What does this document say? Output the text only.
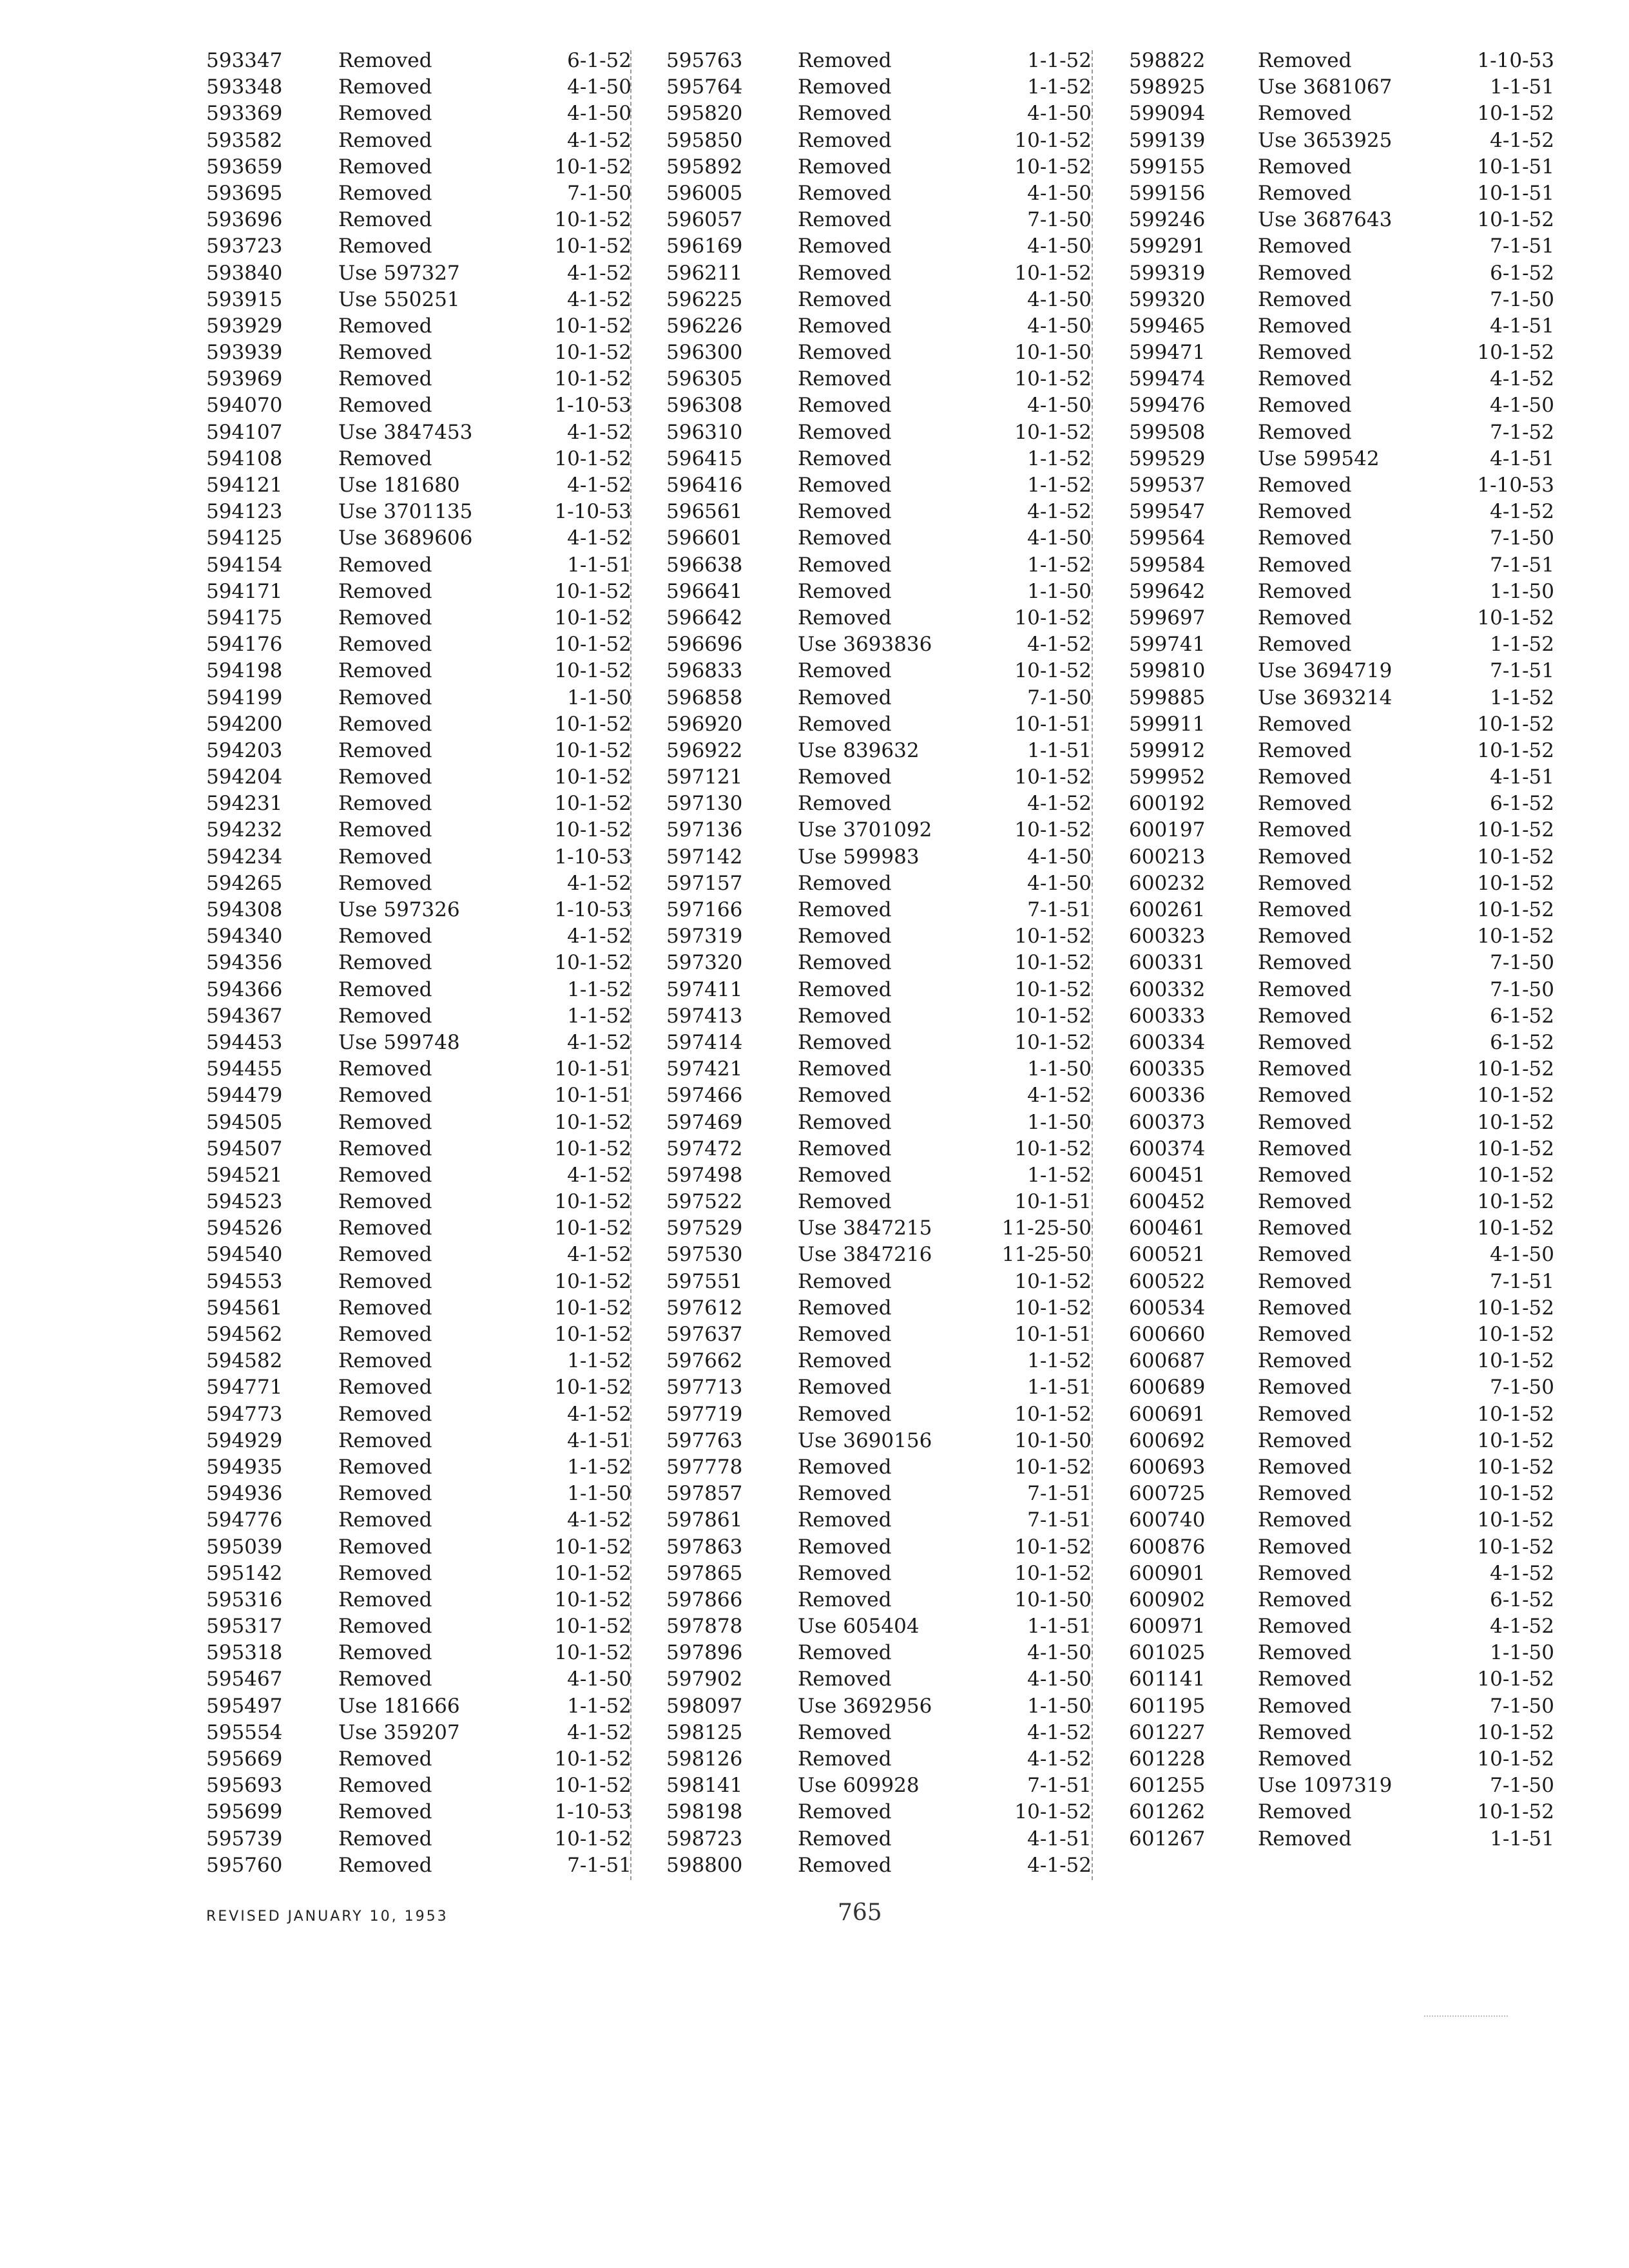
593347	Removed	6-1-52
593348	Removed	4-1-50
593369	Removed	4-1-50
593582	Removed	4-1-52
593659	Removed	10-1-52
593695	Removed	7-1-50
593696	Removed	10-1-52
593723	Removed	10-1-52
593840	Use 597327	4-1-52
593915	Use 550251	4-1-52
593929	Removed	10-1-52
593939	Removed	10-1-52
593969	Removed	10-1-52
594070	Removed	1-10-53
594107	Use 3847453	4-1-52
594108	Removed	10-1-52
594121	Use 181680	4-1-52
594123	Use 3701135	1-10-53
594125	Use 3689606	4-1-52
594154	Removed	1-1-51
594171	Removed	10-1-52
594175	Removed	10-1-52
594176	Removed	10-1-52
594198	Removed	10-1-52
594199	Removed	1-1-50
594200	Removed	10-1-52
594203	Removed	10-1-52
594204	Removed	10-1-52
594231	Removed	10-1-52
594232	Removed	10-1-52
594234	Removed	1-10-53
594265	Removed	4-1-52
594308	Use 597326	1-10-53
594340	Removed	4-1-52
594356	Removed	10-1-52
594366	Removed	1-1-52
594367	Removed	1-1-52
594453	Use 599748	4-1-52
594455	Removed	10-1-51
594479	Removed	10-1-51
594505	Removed	10-1-52
594507	Removed	10-1-52
594521	Removed	4-1-52
594523	Removed	10-1-52
594526	Removed	10-1-52
594540	Removed	4-1-52
594553	Removed	10-1-52
594561	Removed	10-1-52
594562	Removed	10-1-52
594582	Removed	1-1-52
594771	Removed	10-1-52
594773	Removed	4-1-52
594929	Removed	4-1-51
594935	Removed	1-1-52
594936	Removed	1-1-50
594776	Removed	4-1-52
595039	Removed	10-1-52
595142	Removed	10-1-52
595316	Removed	10-1-52
595317	Removed	10-1-52
595318	Removed	10-1-52
595467	Removed	4-1-50
595497	Use 181666	1-1-52
595554	Use 359207	4-1-52
595669	Removed	10-1-52
595693	Removed	10-1-52
595699	Removed	1-10-53
595739	Removed	10-1-52
595760	Removed	7-1-51
595763	Removed	1-1-52
595764	Removed	1-1-52
595820	Removed	4-1-50
595850	Removed	10-1-52
595892	Removed	10-1-52
596005	Removed	4-1-50
596057	Removed	7-1-50
596169	Removed	4-1-50
596211	Removed	10-1-52
596225	Removed	4-1-50
596226	Removed	4-1-50
596300	Removed	10-1-50
596305	Removed	10-1-52
596308	Removed	4-1-50
596310	Removed	10-1-52
596415	Removed	1-1-52
596416	Removed	1-1-52
596561	Removed	4-1-52
596601	Removed	4-1-50
596638	Removed	1-1-52
596641	Removed	1-1-50
596642	Removed	10-1-52
596696	Use 3693836	4-1-52
596833	Removed	10-1-52
596858	Removed	7-1-50
596920	Removed	10-1-51
596922	Use 839632	1-1-51
597121	Removed	10-1-52
597130	Removed	4-1-52
597136	Use 3701092	10-1-52
597142	Use 599983	4-1-50
597157	Removed	4-1-50
597166	Removed	7-1-51
597319	Removed	10-1-52
597320	Removed	10-1-52
597411	Removed	10-1-52
597413	Removed	10-1-52
597414	Removed	10-1-52
597421	Removed	1-1-50
597466	Removed	4-1-52
597469	Removed	1-1-50
597472	Removed	10-1-52
597498	Removed	1-1-52
597522	Removed	10-1-51
597529	Use 3847215	11-25-50
597530	Use 3847216	11-25-50
597551	Removed	10-1-52
597612	Removed	10-1-52
597637	Removed	10-1-51
597662	Removed	1-1-52
597713	Removed	1-1-51
597719	Removed	10-1-52
597763	Use 3690156	10-1-50
597778	Removed	10-1-52
597857	Removed	7-1-51
597861	Removed	7-1-51
597863	Removed	10-1-52
597865	Removed	10-1-52
597866	Removed	10-1-50
597878	Use 605404	1-1-51
597896	Removed	4-1-50
597902	Removed	4-1-50
598097	Use 3692956	1-1-50
598125	Removed	4-1-52
598126	Removed	4-1-52
598141	Use 609928	7-1-51
598198	Removed	10-1-52
598723	Removed	4-1-51
598800	Removed	4-1-52
598822	Removed	1-10-53
598925	Use 3681067	1-1-51
599094	Removed	10-1-52
599139	Use 3653925	4-1-52
599155	Removed	10-1-51
599156	Removed	10-1-51
599246	Use 3687643	10-1-52
599291	Removed	7-1-51
599319	Removed	6-1-52
599320	Removed	7-1-50
599465	Removed	4-1-51
599471	Removed	10-1-52
599474	Removed	4-1-52
599476	Removed	4-1-50
599508	Removed	7-1-52
599529	Use 599542	4-1-51
599537	Removed	1-10-53
599547	Removed	4-1-52
599564	Removed	7-1-50
599584	Removed	7-1-51
599642	Removed	1-1-50
599697	Removed	10-1-52
599741	Removed	1-1-52
599810	Use 3694719	7-1-51
599885	Use 3693214	1-1-52
599911	Removed	10-1-52
599912	Removed	10-1-52
599952	Removed	4-1-51
600192	Removed	6-1-52
600197	Removed	10-1-52
600213	Removed	10-1-52
600232	Removed	10-1-52
600261	Removed	10-1-52
600323	Removed	10-1-52
600331	Removed	7-1-50
600332	Removed	7-1-50
600333	Removed	6-1-52
600334	Removed	6-1-52
600335	Removed	10-1-52
600336	Removed	10-1-52
600373	Removed	10-1-52
600374	Removed	10-1-52
600451	Removed	10-1-52
600452	Removed	10-1-52
600461	Removed	10-1-52
600521	Removed	4-1-50
600522	Removed	7-1-51
600534	Removed	10-1-52
600660	Removed	10-1-52
600687	Removed	10-1-52
600689	Removed	7-1-50
600691	Removed	10-1-52
600692	Removed	10-1-52
600693	Removed	10-1-52
600725	Removed	10-1-52
600740	Removed	10-1-52
600876	Removed	10-1-52
600901	Removed	4-1-52
600902	Removed	6-1-52
600971	Removed	4-1-52
601025	Removed	1-1-50
601141	Removed	10-1-52
601195	Removed	7-1-50
601227	Removed	10-1-52
601228	Removed	10-1-52
601255	Use 1097319	7-1-50
601262	Removed	10-1-52
601267	Removed	1-1-51
REVISED JANUARY 10, 1953	765
